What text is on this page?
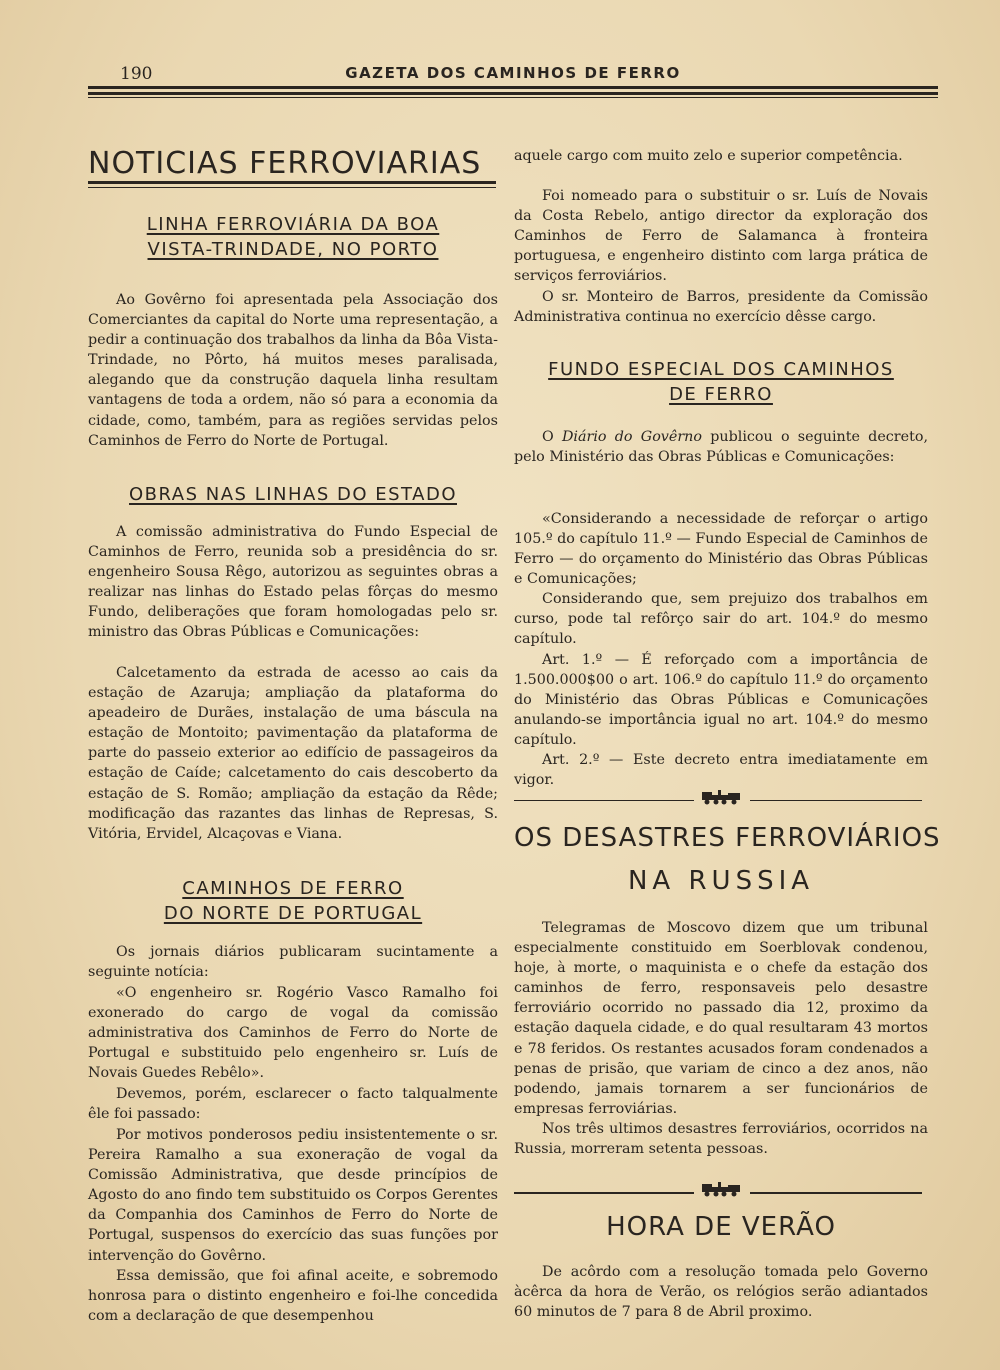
190	GAZETA DOS CAMINHOS DE FERRO
NOTICIAS FERROVIARIAS
LINHA FERROVIÁRIA DA BOA
VISTA-TRINDADE, NO PORTO

Ao Govêrno foi apresentada pela Associação dos Comerciantes da capital do Norte uma representação, a pedir a continuação dos trabalhos da linha da Bôa Vista-Trindade, no Pôrto, há muitos meses paralisada, alegando que da construção daquela linha resultam vantagens de toda a ordem, não só para a economia da cidade, como, também, para as regiões servidas pelos Caminhos de Ferro do Norte de Portugal.

OBRAS NAS LINHAS DO ESTADO

A comissão administrativa do Fundo Especial de Caminhos de Ferro, reunida sob a presidência do sr. engenheiro Sousa Rêgo, autorizou as seguintes obras a realizar nas linhas do Estado pelas fôrças do mesmo Fundo, deliberações que foram homologadas pelo sr. ministro das Obras Públicas e Comunicações:

Calcetamento da estrada de acesso ao cais da estação de Azaruja; ampliação da plataforma do apeadeiro de Durães, instalação de uma báscula na estação de Montoito; pavimentação da plataforma de parte do passeio exterior ao edifício de passageiros da estação de Caíde; calcetamento do cais descoberto da estação de S. Romão; ampliação da estação da Rêde; modificação das razantes das linhas de Represas, S. Vitória, Ervidel, Alcaçovas e Viana.

CAMINHOS DE FERRO
DO NORTE DE PORTUGAL

Os jornais diários publicaram sucintamente a seguinte notícia:

«O engenheiro sr. Rogério Vasco Ramalho foi exonerado do cargo de vogal da comissão administrativa dos Caminhos de Ferro do Norte de Portugal e substituido pelo engenheiro sr. Luís de Novais Guedes Rebêlo».

Devemos, porém, esclarecer o facto talqualmente êle foi passado:

Por motivos ponderosos pediu insistentemente o sr. Pereira Ramalho a sua exoneração de vogal da Comissão Administrativa, que desde princípios de Agosto do ano findo tem substituido os Corpos Gerentes da Companhia dos Caminhos de Ferro do Norte de Portugal, suspensos do exercício das suas funções por intervenção do Govêrno.

Essa demissão, que foi afinal aceite, e sobremodo honrosa para o distinto engenheiro e foi-lhe concedida com a declaração de que desempenhou

aquele cargo com muito zelo e superior competência.

Foi nomeado para o substituir o sr. Luís de Novais da Costa Rebelo, antigo director da exploração dos Caminhos de Ferro de Salamanca à fronteira portuguesa, e engenheiro distinto com larga prática de serviços ferroviários.

O sr. Monteiro de Barros, presidente da Comissão Administrativa continua no exercício dêsse cargo.

FUNDO ESPECIAL DOS CAMINHOS
DE FERRO

O Diário do Govêrno publicou o seguinte decreto, pelo Ministério das Obras Públicas e Comunicações:

«Considerando a necessidade de reforçar o artigo 105.º do capítulo 11.º — Fundo Especial de Caminhos de Ferro — do orçamento do Ministério das Obras Públicas e Comunicações;

Considerando que, sem prejuizo dos trabalhos em curso, pode tal refôrço sair do art. 104.º do mesmo capítulo.

Art. 1.º — É reforçado com a importância de 1.500.000$00 o art. 106.º do capítulo 11.º do orçamento do Ministério das Obras Públicas e Comunicações anulando-se importância igual no art. 104.º do mesmo capítulo.

Art. 2.º — Este decreto entra imediatamente em vigor.

OS DESASTRES FERROVIÁRIOS
NA RUSSIA

Telegramas de Moscovo dizem que um tribunal especialmente constituido em Soerblovak condenou, hoje, à morte, o maquinista e o chefe da estação dos caminhos de ferro, responsaveis pelo desastre ferroviário ocorrido no passado dia 12, proximo da estação daquela cidade, e do qual resultaram 43 mortos e 78 feridos. Os restantes acusados foram condenados a penas de prisão, que variam de cinco a dez anos, não podendo, jamais tornarem a ser funcionários de empresas ferroviárias.

Nos três ultimos desastres ferroviários, ocorridos na Russia, morreram setenta pessoas.

HORA DE VERÃO

De acôrdo com a resolução tomada pelo Governo àcêrca da hora de Verão, os relógios serão adiantados 60 minutos de 7 para 8 de Abril proximo.
